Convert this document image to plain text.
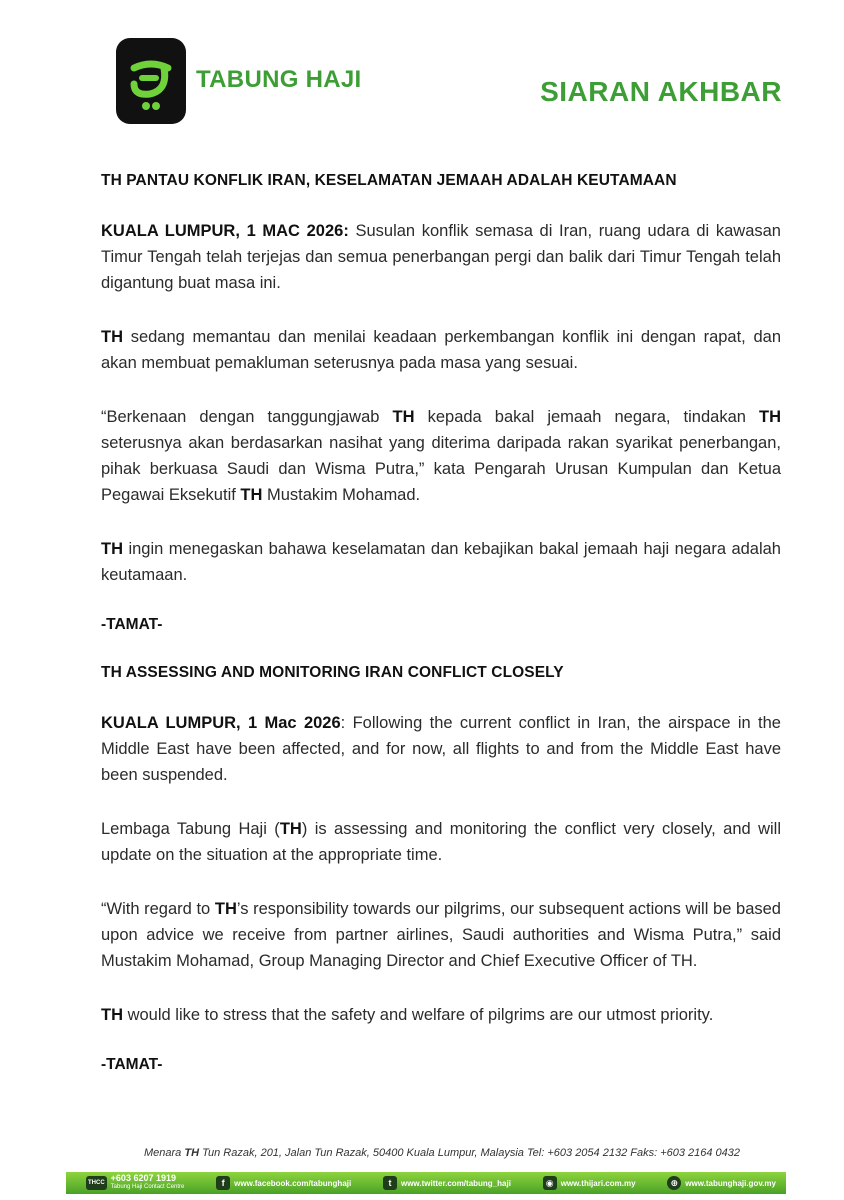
TABUNG HAJI	SIARAN AKHBAR
TH PANTAU KONFLIK IRAN, KESELAMATAN JEMAAH ADALAH KEUTAMAAN
KUALA LUMPUR, 1 MAC 2026: Susulan konflik semasa di Iran, ruang udara di kawasan Timur Tengah telah terjejas dan semua penerbangan pergi dan balik dari Timur Tengah telah digantung buat masa ini.
TH sedang memantau dan menilai keadaan perkembangan konflik ini dengan rapat, dan akan membuat pemakluman seterusnya pada masa yang sesuai.
“Berkenaan dengan tanggungjawab TH kepada bakal jemaah negara, tindakan TH seterusnya akan berdasarkan nasihat yang diterima daripada rakan syarikat penerbangan, pihak berkuasa Saudi dan Wisma Putra,” kata Pengarah Urusan Kumpulan dan Ketua Pegawai Eksekutif TH Mustakim Mohamad.
TH ingin menegaskan bahawa keselamatan dan kebajikan bakal jemaah haji negara adalah keutamaan.
-TAMAT-
TH ASSESSING AND MONITORING IRAN CONFLICT CLOSELY
KUALA LUMPUR, 1 Mac 2026: Following the current conflict in Iran, the airspace in the Middle East have been affected, and for now, all flights to and from the Middle East have been suspended.
Lembaga Tabung Haji (TH) is assessing and monitoring the conflict very closely, and will update on the situation at the appropriate time.
“With regard to TH’s responsibility towards our pilgrims, our subsequent actions will be based upon advice we receive from partner airlines, Saudi authorities and Wisma Putra,” said Mustakim Mohamad, Group Managing Director and Chief Executive Officer of TH.
TH would like to stress that the safety and welfare of pilgrims are our utmost priority.
-TAMAT-
Menara TH Tun Razak, 201, Jalan Tun Razak, 50400 Kuala Lumpur, Malaysia Tel: +603 2054 2132 Faks: +603 2164 0432
THCC +603 6207 1919
Tabung Haji Contact Centre	f	www.facebook.com/tabunghaji	t	www.twitter.com/tabung_haji	◉ www.thijari.com.my	⊕ www.tabunghaji.gov.my
